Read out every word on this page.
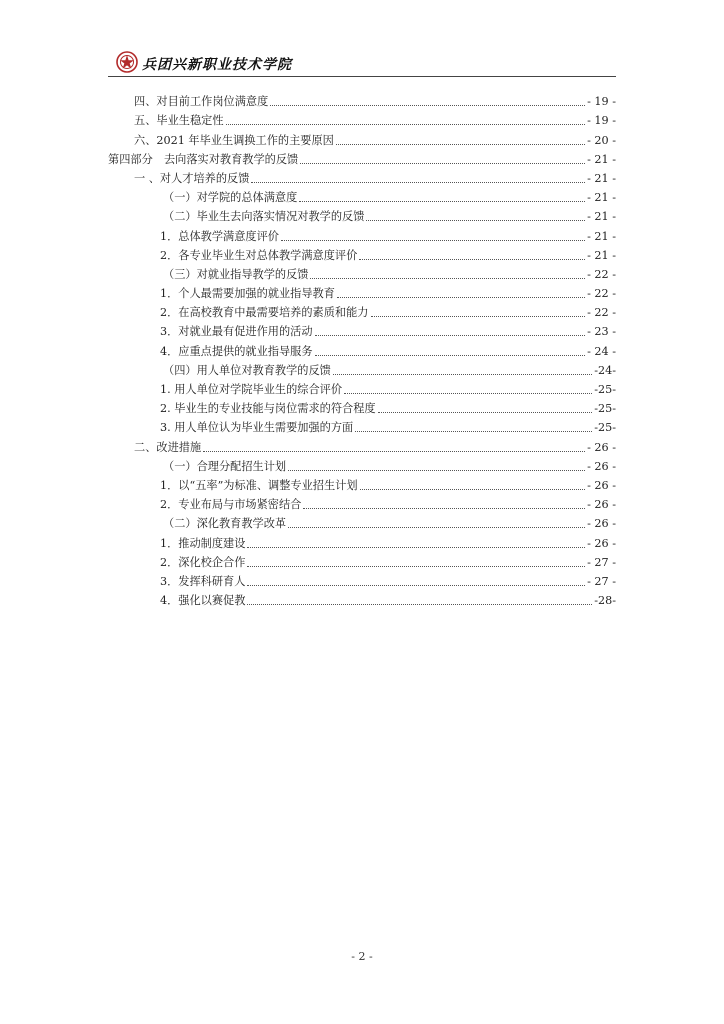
兵团兴新职业技术学院
四、对目前工作岗位满意度	- 19 -
五、毕业生稳定性	- 19 -
六、2021 年毕业生调换工作的主要原因	- 20 -
第四部分　去向落实对教育教学的反馈	- 21 -
一 、对人才培养的反馈	- 21 -
（一）对学院的总体满意度	- 21 -
（二）毕业生去向落实情况对教学的反馈	- 21 -
1．总体教学满意度评价	- 21 -
2．各专业毕业生对总体教学满意度评价	- 21 -
（三）对就业指导教学的反馈	- 22 -
1．个人最需要加强的就业指导教育	- 22 -
2．在高校教育中最需要培养的素质和能力	- 22 -
3．对就业最有促进作用的活动	- 23 -
4．应重点提供的就业指导服务	- 24 -
（四）用人单位对教育教学的反馈	-24-
1. 用人单位对学院毕业生的综合评价	-25-
2. 毕业生的专业技能与岗位需求的符合程度	-25-
3. 用人单位认为毕业生需要加强的方面	-25-
二、改进措施	- 26 -
（一）合理分配招生计划	- 26 -
1．以“五率”为标准、调整专业招生计划	- 26 -
2．专业布局与市场紧密结合	- 26 -
（二）深化教育教学改革	- 26 -
1．推动制度建设	- 26 -
2．深化校企合作	- 27 -
3．发挥科研育人	- 27 -
4．强化以赛促教	-28-
- 2 -
